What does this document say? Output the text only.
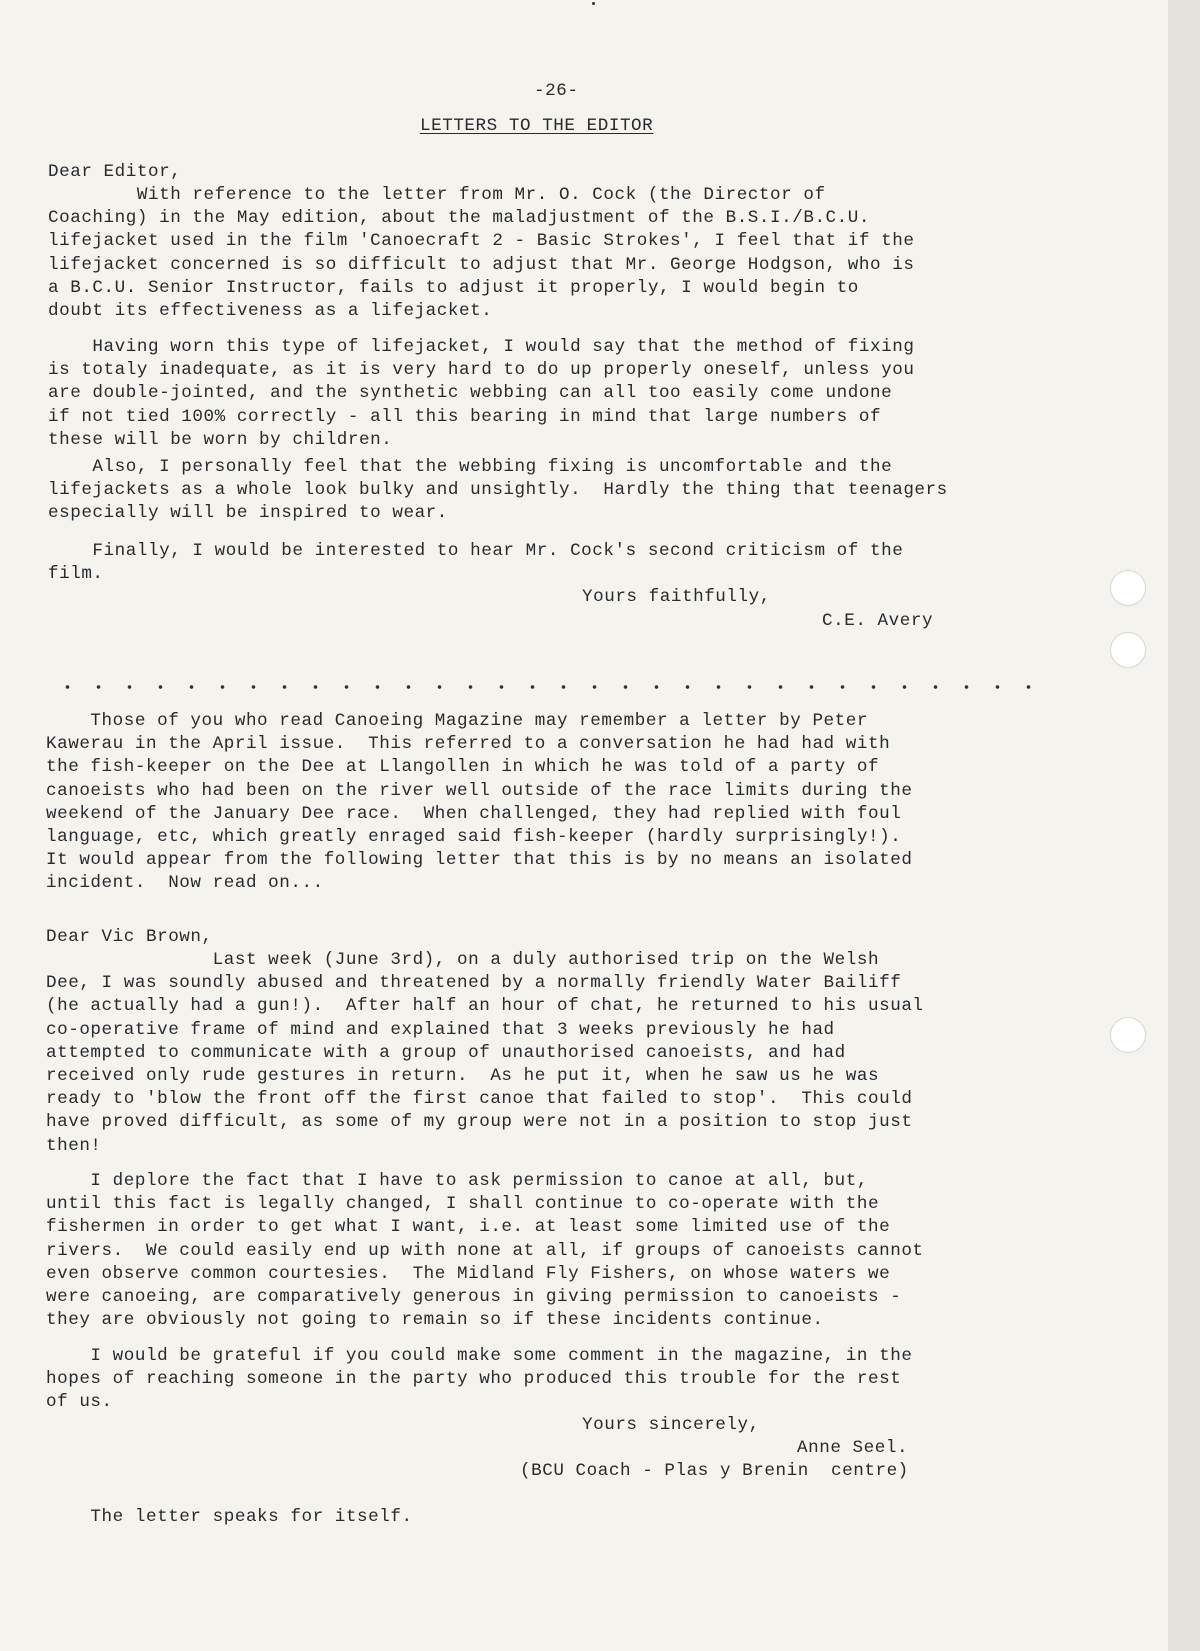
-26-

LETTERS TO THE EDITOR

Dear Editor,

With reference to the letter from Mr. O. Cock (the Director of
Coaching) in the May edition, about the maladjustment of the B.S.I./B.C.U.
lifejacket used in the film 'Canoecraft 2 - Basic Strokes', I feel that if the
lifejacket concerned is so difficult to adjust that Mr. George Hodgson, who is
a B.C.U. Senior Instructor, fails to adjust it properly, I would begin to
doubt its effectiveness as a lifejacket.

Having worn this type of lifejacket, I would say that the method of fixing
is totaly inadequate, as it is very hard to do up properly oneself, unless you
are double-jointed, and the synthetic webbing can all too easily come undone
if not tied 100% correctly - all this bearing in mind that large numbers of
these will be worn by children.

Also, I personally feel that the webbing fixing is uncomfortable and the
lifejackets as a whole look bulky and unsightly.  Hardly the thing that teenagers
especially will be inspired to wear.

Finally, I would be interested to hear Mr. Cock's second criticism of the
film.

Yours faithfully,

C.E. Avery

Those of you who read Canoeing Magazine may remember a letter by Peter
Kawerau in the April issue.  This referred to a conversation he had had with
the fish-keeper on the Dee at Llangollen in which he was told of a party of
canoeists who had been on the river well outside of the race limits during the
weekend of the January Dee race.  When challenged, they had replied with foul
language, etc, which greatly enraged said fish-keeper (hardly surprisingly!).
It would appear from the following letter that this is by no means an isolated
incident.  Now read on...

Dear Vic Brown,

Last week (June 3rd), on a duly authorised trip on the Welsh
Dee, I was soundly abused and threatened by a normally friendly Water Bailiff
(he actually had a gun!).  After half an hour of chat, he returned to his usual
co-operative frame of mind and explained that 3 weeks previously he had
attempted to communicate with a group of unauthorised canoeists, and had
received only rude gestures in return.  As he put it, when he saw us he was
ready to 'blow the front off the first canoe that failed to stop'.  This could
have proved difficult, as some of my group were not in a position to stop just
then!

I deplore the fact that I have to ask permission to canoe at all, but,
until this fact is legally changed, I shall continue to co-operate with the
fishermen in order to get what I want, i.e. at least some limited use of the
rivers.  We could easily end up with none at all, if groups of canoeists cannot
even observe common courtesies.  The Midland Fly Fishers, on whose waters we
were canoeing, are comparatively generous in giving permission to canoeists -
they are obviously not going to remain so if these incidents continue.

I would be grateful if you could make some comment in the magazine, in the
hopes of reaching someone in the party who produced this trouble for the rest
of us.

Yours sincerely,

Anne Seel.

(BCU Coach - Plas y Brenin  centre)

The letter speaks for itself.
